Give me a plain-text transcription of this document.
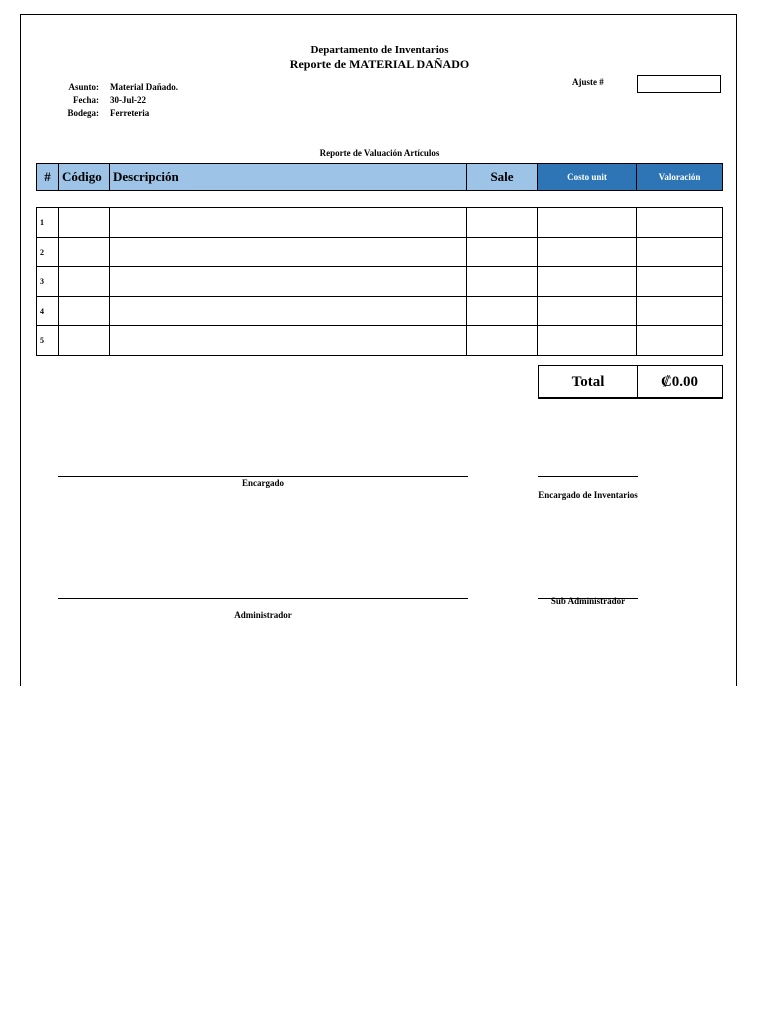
Departamento de Inventarios
Reporte de MATERIAL DAÑADO
Asunto: Material Dañado.
Fecha: 30-Jul-22
Bodega: Ferreteria
Ajuste #
Reporte de Valuación Artículos
#	Código	Descripción	Sale	Costo unit	Valoración
1					
2					
3					
4					
5					
Total	₡0.00
Encargado
Encargado de Inventarios
Administrador
Sub Administrador
